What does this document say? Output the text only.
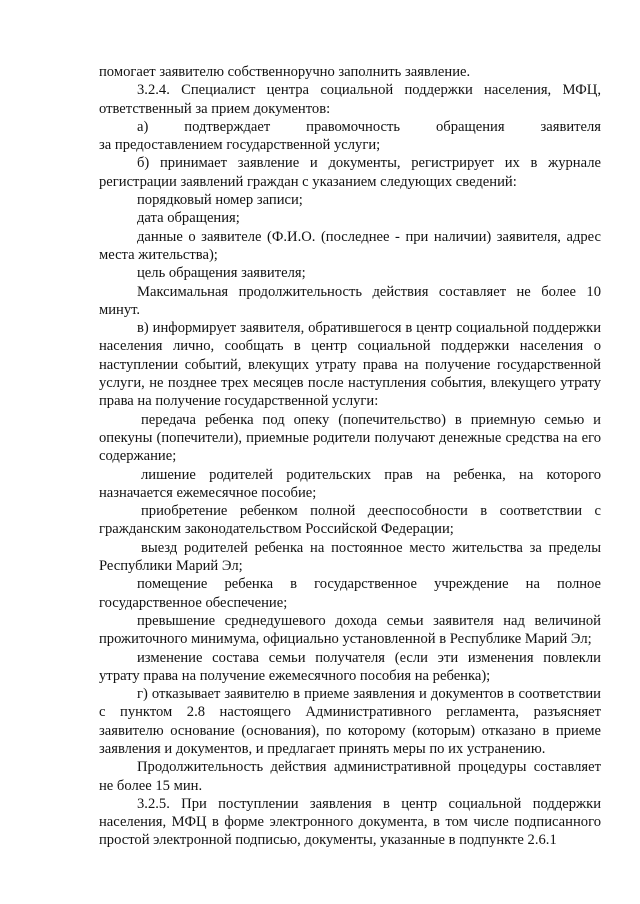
помогает заявителю собственноручно заполнить заявление.

3.2.4. Специалист центра социальной поддержки населения, МФЦ, ответственный за прием документов:

а) подтверждает правомочность обращения заявителя

за предоставлением государственной услуги;

б) принимает заявление и документы, регистрирует их в журнале регистрации заявлений граждан с указанием следующих сведений:

порядковый номер записи;

дата обращения;

данные о заявителе (Ф.И.О. (последнее - при наличии) заявителя, адрес места жительства);

цель обращения заявителя;

Максимальная продолжительность действия составляет не более 10 минут.

в) информирует заявителя, обратившегося в центр социальной поддержки населения лично, сообщать в центр социальной поддержки населения о наступлении событий, влекущих утрату права на получение государственной услуги, не позднее трех месяцев после наступления события, влекущего утрату права на получение государственной услуги:

передача ребенка под опеку (попечительство) в приемную семью и опекуны (попечители), приемные родители получают денежные средства на его содержание;

лишение родителей родительских прав на ребенка, на которого назначается ежемесячное пособие;

приобретение ребенком полной дееспособности в соответствии с гражданским законодательством Российской Федерации;

выезд родителей ребенка на постоянное место жительства за пределы Республики Марий Эл;

помещение ребенка в государственное учреждение на полное государственное обеспечение;

превышение среднедушевого дохода семьи заявителя над величиной прожиточного минимума, официально установленной в Республике Марий Эл;

изменение состава семьи получателя (если эти изменения повлекли утрату права на получение ежемесячного пособия на ребенка);

г) отказывает заявителю в приеме заявления и документов в соответствии с пунктом 2.8 настоящего Административного регламента, разъясняет заявителю основание (основания), по которому (которым) отказано в приеме заявления и документов, и предлагает принять меры по их устранению.

Продолжительность действия административной процедуры составляет не более 15 мин.

3.2.5. При поступлении заявления в центр социальной поддержки населения, МФЦ в форме электронного документа, в том числе подписанного простой электронной подписью, документы, указанные в подпункте 2.6.1
